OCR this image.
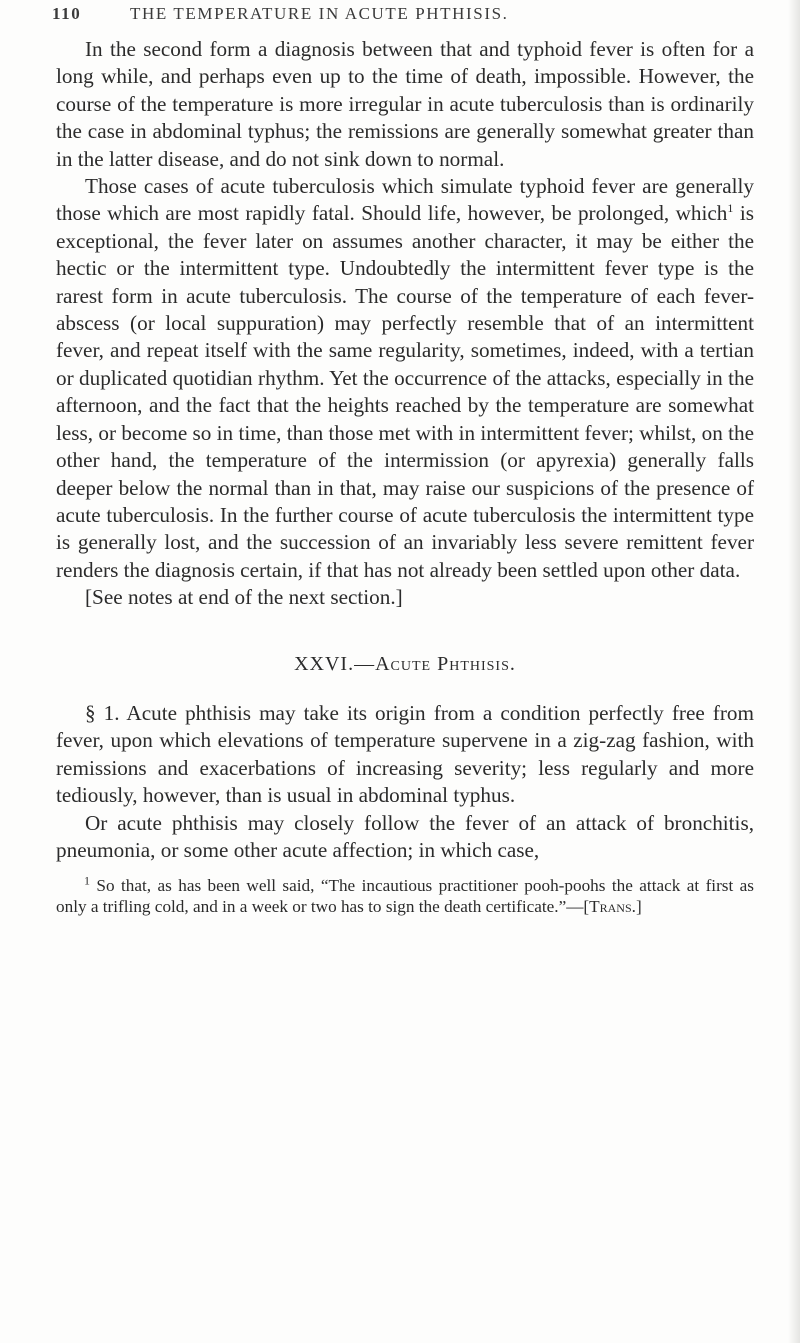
110	THE TEMPERATURE IN ACUTE PHTHISIS.

In the second form a diagnosis between that and typhoid fever is often for a long while, and perhaps even up to the time of death, impossible. However, the course of the temperature is more irregular in acute tuberculosis than is ordinarily the case in abdominal typhus; the remissions are generally somewhat greater than in the latter disease, and do not sink down to normal.

Those cases of acute tuberculosis which simulate typhoid fever are generally those which are most rapidly fatal. Should life, however, be prolonged, which$^1$ is exceptional, the fever later on assumes another character, it may be either the hectic or the intermittent type. Undoubtedly the intermittent fever type is the rarest form in acute tuberculosis. The course of the temperature of each fever-abscess (or local suppuration) may perfectly resemble that of an intermittent fever, and repeat itself with the same regularity, sometimes, indeed, with a tertian or duplicated quotidian rhythm. Yet the occurrence of the attacks, especially in the afternoon, and the fact that the heights reached by the temperature are somewhat less, or become so in time, than those met with in intermittent fever; whilst, on the other hand, the temperature of the intermission (or apyrexia) generally falls deeper below the normal than in that, may raise our suspicions of the presence of acute tuberculosis. In the further course of acute tuberculosis the intermittent type is generally lost, and the succession of an invariably less severe remittent fever renders the diagnosis certain, if that has not already been settled upon other data.

[See notes at end of the next section.]

XXVI.—Acute Phthisis.

§ 1. Acute phthisis may take its origin from a condition perfectly free from fever, upon which elevations of temperature supervene in a zig-zag fashion, with remissions and exacerbations of increasing severity; less regularly and more tediously, however, than is usual in abdominal typhus.

Or acute phthisis may closely follow the fever of an attack of bronchitis, pneumonia, or some other acute affection; in which case,

$^1$ So that, as has been well said, “The incautious practitioner pooh-poohs the attack at first as only a trifling cold, and in a week or two has to sign the death certificate.”—[Trans.]
